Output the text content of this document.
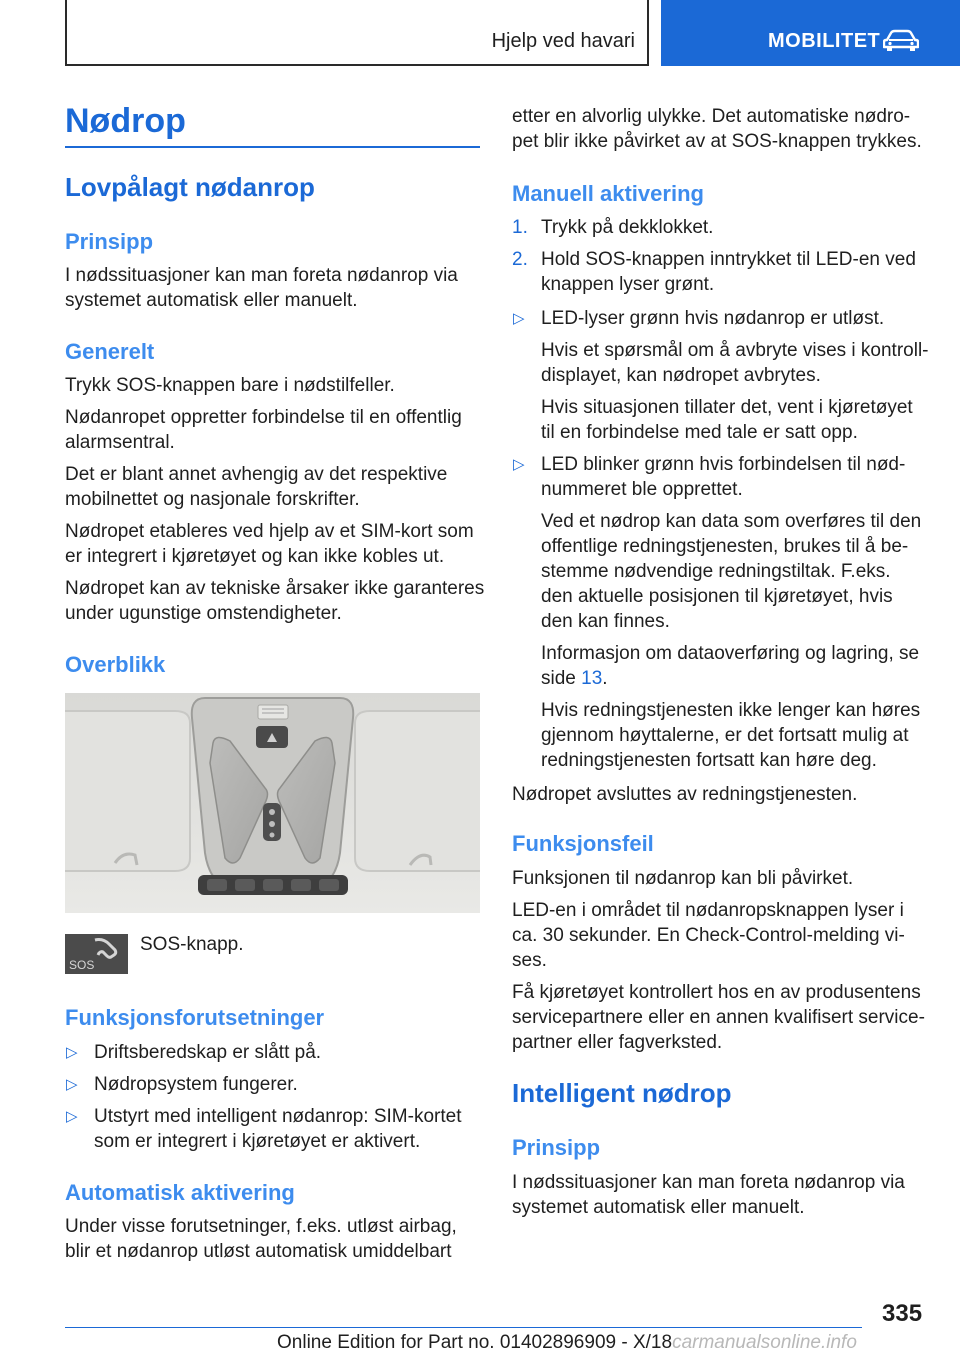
Hjelp ved havari	MOBILITET
Nødrop
Lovpålagt nødanrop
Prinsipp
I nødssituasjoner kan man foreta nødanrop via
systemet automatisk eller manuelt.
Generelt
Trykk SOS-knappen bare i nødstilfeller.
Nødanropet oppretter forbindelse til en offentlig
alarmsentral.
Det er blant annet avhengig av det respektive
mobilnettet og nasjonale forskrifter.
Nødropet etableres ved hjelp av et SIM-kort som
er integrert i kjøretøyet og kan ikke kobles ut.
Nødropet kan av tekniske årsaker ikke garanteres
under ugunstige omstendigheter.
Overblikk
SOS
SOS-knapp.
Funksjonsforutsetninger
▷ Driftsberedskap er slått på.
▷ Nødropsystem fungerer.
▷ Utstyrt med intelligent nødanrop: SIM-kortet
som er integrert i kjøretøyet er aktivert.
Automatisk aktivering
Under visse forutsetninger, f.eks. utløst airbag,
blir et nødanrop utløst automatisk umiddelbart
etter en alvorlig ulykke. Det automatiske nødro-
pet blir ikke påvirket av at SOS-knappen trykkes.
Manuell aktivering
1. Trykk på dekklokket.
2. Hold SOS-knappen inntrykket til LED-en ved
knappen lyser grønt.
▷ LED-lyser grønn hvis nødanrop er utløst.
Hvis et spørsmål om å avbryte vises i kontroll-
displayet, kan nødropet avbrytes.
Hvis situasjonen tillater det, vent i kjøretøyet
til en forbindelse med tale er satt opp.
▷ LED blinker grønn hvis forbindelsen til nød-
nummeret ble opprettet.
Ved et nødrop kan data som overføres til den
offentlige redningstjenesten, brukes til å be-
stemme nødvendige redningstiltak. F.eks.
den aktuelle posisjonen til kjøretøyet, hvis
den kan finnes.
Informasjon om dataoverføring og lagring, se
side 13.
Hvis redningstjenesten ikke lenger kan høres
gjennom høyttalerne, er det fortsatt mulig at
redningstjenesten fortsatt kan høre deg.
Nødropet avsluttes av redningstjenesten.
Funksjonsfeil
Funksjonen til nødanrop kan bli påvirket.
LED-en i området til nødanropsknappen lyser i
ca. 30 sekunder. En Check-Control-melding vi-
ses.
Få kjøretøyet kontrollert hos en av produsentens
servicepartnere eller en annen kvalifisert service-
partner eller fagverksted.
Intelligent nødrop
Prinsipp
I nødssituasjoner kan man foreta nødanrop via
systemet automatisk eller manuelt.
335
Online Edition for Part no. 01402896909 - X/18carmanualsonline.info
